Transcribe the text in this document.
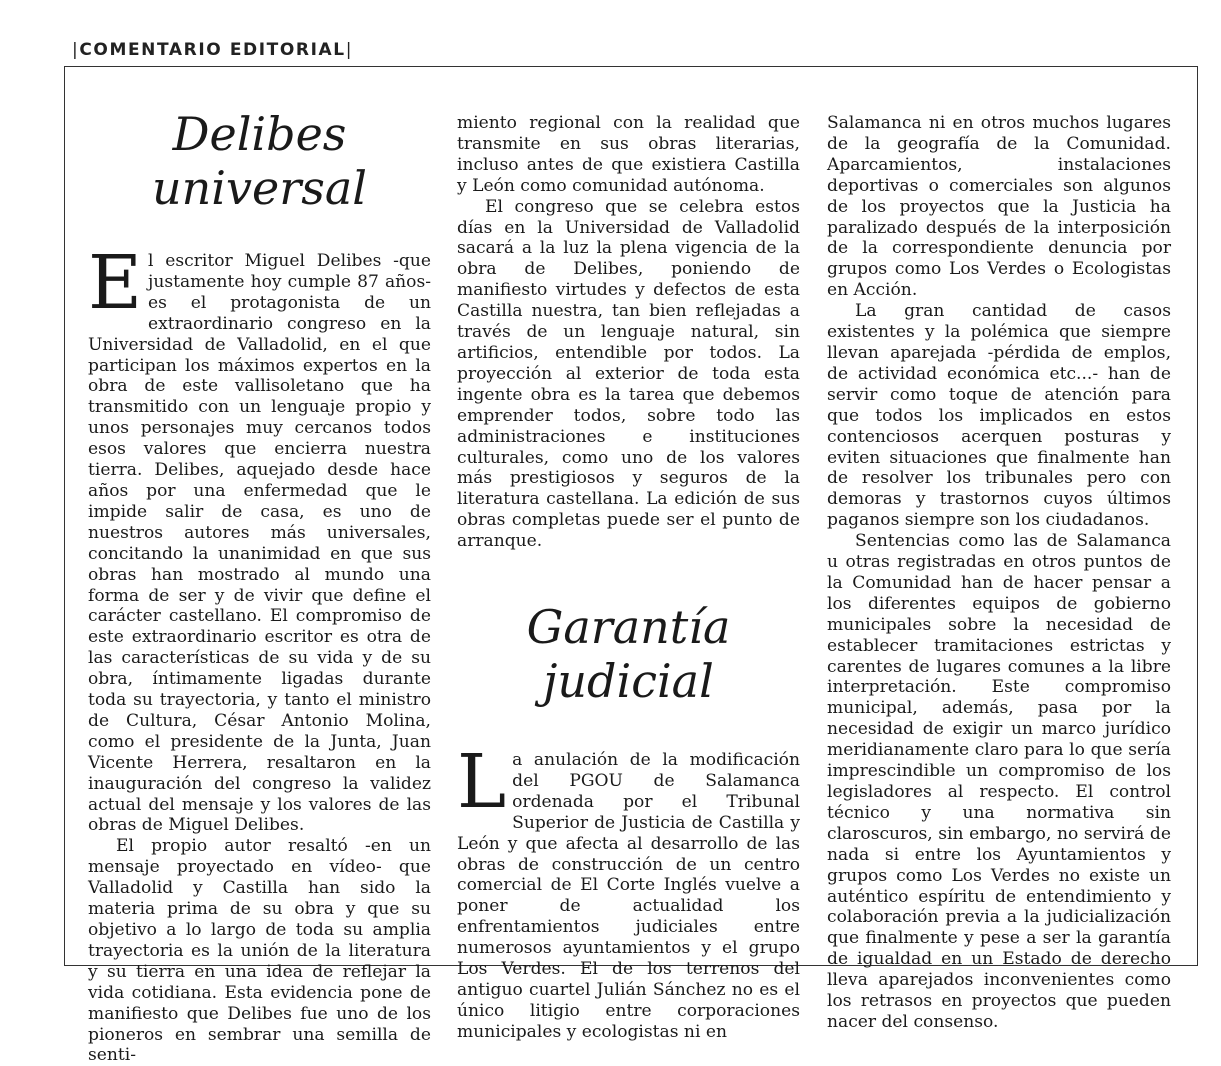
|COMENTARIO EDITORIAL|
Delibes
universal

El escritor Miguel Delibes -que justamente hoy cumple 87 años- es el protagonista de un extraordinario congreso en la Universidad de Valladolid, en el que participan los máximos expertos en la obra de este vallisoletano que ha transmitido con un lenguaje propio y unos personajes muy cercanos todos esos valores que encierra nuestra tierra. Delibes, aquejado desde hace años por una enfermedad que le impide salir de casa, es uno de nuestros autores más universales, concitando la unanimidad en que sus obras han mostrado al mundo una forma de ser y de vivir que define el carácter castellano. El compromiso de este extraordinario escritor es otra de las características de su vida y de su obra, íntimamente ligadas durante toda su trayectoria, y tanto el ministro de Cultura, César Antonio Molina, como el presidente de la Junta, Juan Vicente Herrera, resaltaron en la inauguración del congreso la validez actual del mensaje y los valores de las obras de Miguel Delibes.

El propio autor resaltó -en un mensaje proyectado en vídeo- que Valladolid y Castilla han sido la materia prima de su obra y que su objetivo a lo largo de toda su amplia trayectoria es la unión de la literatura y su tierra en una idea de reflejar la vida cotidiana. Esta evidencia pone de manifiesto que Delibes fue uno de los pioneros en sembrar una semilla de senti-

miento regional con la realidad que transmite en sus obras literarias, incluso antes de que existiera Castilla y León como comunidad autónoma.

El congreso que se celebra estos días en la Universidad de Valladolid sacará a la luz la plena vigencia de la obra de Delibes, poniendo de manifiesto virtudes y defectos de esta Castilla nuestra, tan bien reflejadas a través de un lenguaje natural, sin artificios, entendible por todos. La proyección al exterior de toda esta ingente obra es la tarea que debemos emprender todos, sobre todo las administraciones e instituciones culturales, como uno de los valores más prestigiosos y seguros de la literatura castellana. La edición de sus obras completas puede ser el punto de arranque.

Garantía
judicial

La anulación de la modificación del PGOU de Salamanca ordenada por el Tribunal Superior de Justicia de Castilla y León y que afecta al desarrollo de las obras de construcción de un centro comercial de El Corte Inglés vuelve a poner de actualidad los enfrentamientos judiciales entre numerosos ayuntamientos y el grupo Los Verdes. El de los terrenos del antiguo cuartel Julián Sánchez no es el único litigio entre corporaciones municipales y ecologistas ni en

Salamanca ni en otros muchos lugares de la geografía de la Comunidad. Aparcamientos, instalaciones deportivas o comerciales son algunos de los proyectos que la Justicia ha paralizado después de la interposición de la correspondiente denuncia por grupos como Los Verdes o Ecologistas en Acción.

La gran cantidad de casos existentes y la polémica que siempre llevan aparejada -pérdida de emplos, de actividad económica etc...- han de servir como toque de atención para que todos los implicados en estos contenciosos acerquen posturas y eviten situaciones que finalmente han de resolver los tribunales pero con demoras y trastornos cuyos últimos paganos siempre son los ciudadanos.

Sentencias como las de Salamanca u otras registradas en otros puntos de la Comunidad han de hacer pensar a los diferentes equipos de gobierno municipales sobre la necesidad de establecer tramitaciones estrictas y carentes de lugares comunes a la libre interpretación. Este compromiso municipal, además, pasa por la necesidad de exigir un marco jurídico meridianamente claro para lo que sería imprescindible un compromiso de los legisladores al respecto. El control técnico y una normativa sin claroscuros, sin embargo, no servirá de nada si entre los Ayuntamientos y grupos como Los Verdes no existe un auténtico espíritu de entendimiento y colaboración previa a la judicialización que finalmente y pese a ser la garantía de igualdad en un Estado de derecho lleva aparejados inconvenientes como los retrasos en proyectos que pueden nacer del consenso.
